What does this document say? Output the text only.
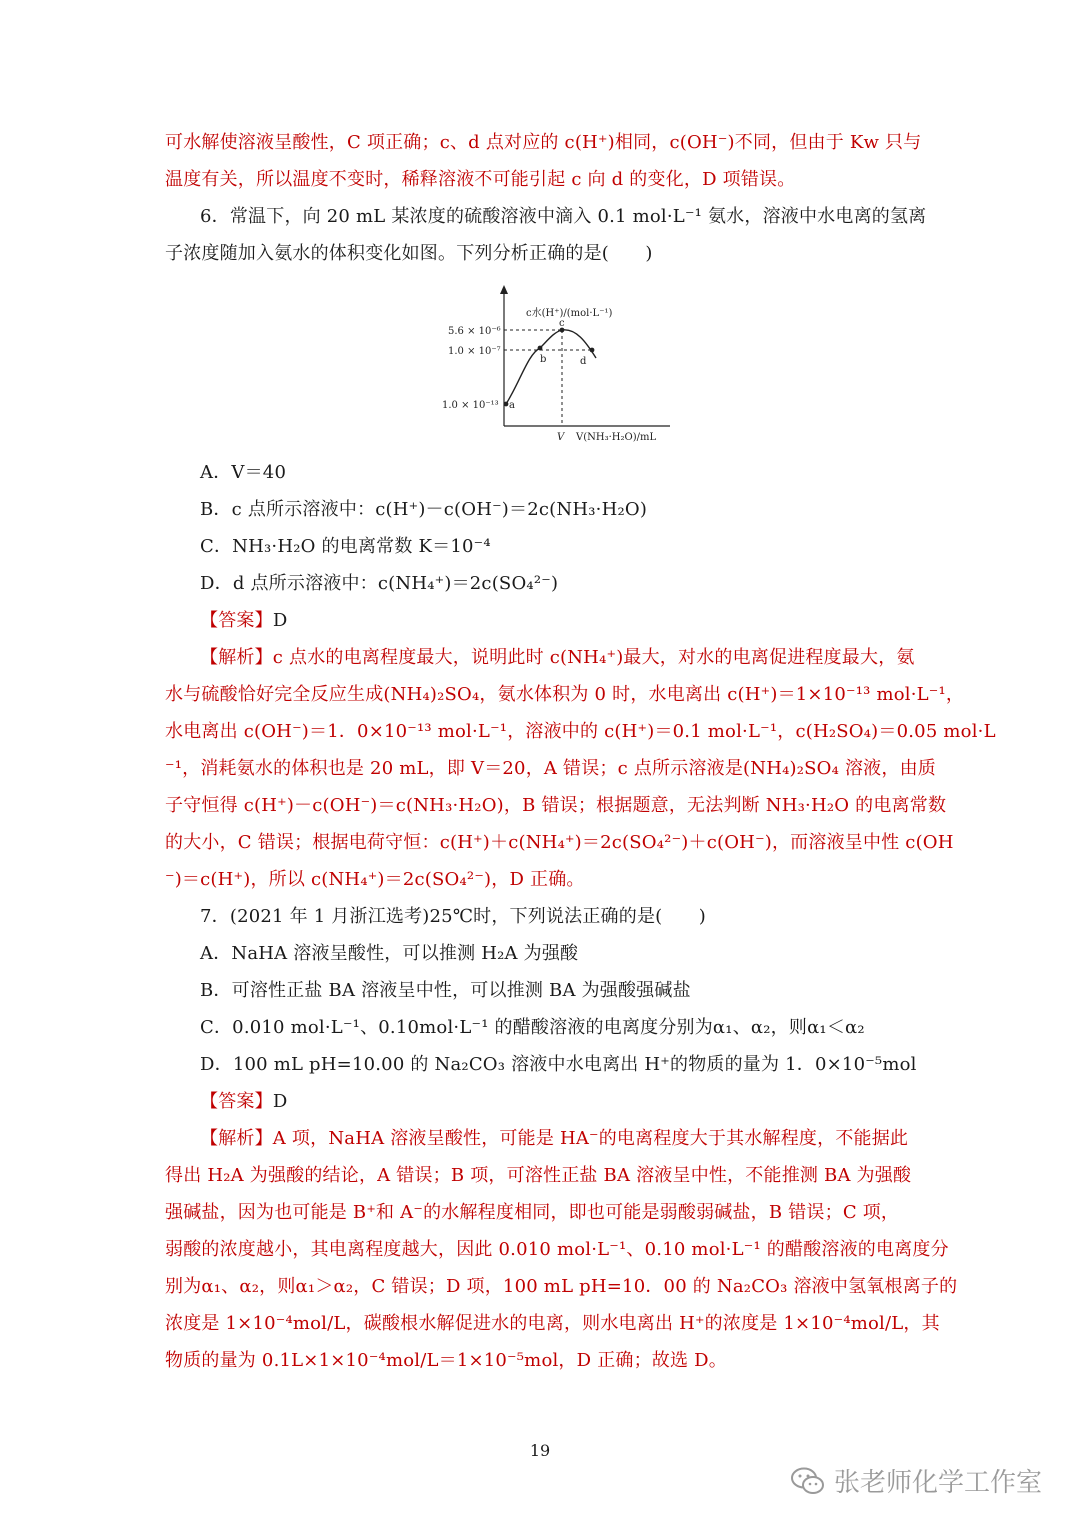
可水解使溶液呈酸性，C 项正确；c、d 点对应的 c(H⁺)相同，c(OH⁻)不同，但由于 Kw 只与
温度有关，所以温度不变时，稀释溶液不可能引起 c 向 d 的变化，D 项错误。
6．常温下，向 20 mL 某浓度的硫酸溶液中滴入 0.1 mol·L⁻¹ 氨水，溶液中水电离的氢离
子浓度随加入氨水的体积变化如图。下列分析正确的是(　　)
A．V＝40
B．c 点所示溶液中：c(H⁺)－c(OH⁻)＝2c(NH₃·H₂O)
C．NH₃·H₂O 的电离常数 K＝10⁻⁴
D．d 点所示溶液中：c(NH₄⁺)＝2c(SO₄²⁻)
【答案】D
【解析】c 点水的电离程度最大，说明此时 c(NH₄⁺)最大，对水的电离促进程度最大，氨
水与硫酸恰好完全反应生成(NH₄)₂SO₄，氨水体积为 0 时，水电离出 c(H⁺)＝1×10⁻¹³ mol·L⁻¹，
水电离出 c(OH⁻)＝1．0×10⁻¹³ mol·L⁻¹，溶液中的 c(H⁺)＝0.1 mol·L⁻¹，c(H₂SO₄)＝0.05 mol·L
⁻¹，消耗氨水的体积也是 20 mL，即 V＝20，A 错误；c 点所示溶液是(NH₄)₂SO₄ 溶液，由质
子守恒得 c(H⁺)－c(OH⁻)＝c(NH₃·H₂O)，B 错误；根据题意，无法判断 NH₃·H₂O 的电离常数
的大小，C 错误；根据电荷守恒：c(H⁺)＋c(NH₄⁺)＝2c(SO₄²⁻)＋c(OH⁻)，而溶液呈中性 c(OH
⁻)＝c(H⁺)，所以 c(NH₄⁺)＝2c(SO₄²⁻)，D 正确。
7．(2021 年 1 月浙江选考)25℃时，下列说法正确的是(　　)
A．NaHA 溶液呈酸性，可以推测 H₂A 为强酸
B．可溶性正盐 BA 溶液呈中性，可以推测 BA 为强酸强碱盐
C．0.010 mol·L⁻¹、0.10mol·L⁻¹ 的醋酸溶液的电离度分别为α₁、α₂，则α₁＜α₂
D．100 mL pH=10.00 的 Na₂CO₃ 溶液中水电离出 H⁺的物质的量为 1．0×10⁻⁵mol
【答案】D
【解析】A 项，NaHA 溶液呈酸性，可能是 HA⁻的电离程度大于其水解程度，不能据此
得出 H₂A 为强酸的结论，A 错误；B 项，可溶性正盐 BA 溶液呈中性，不能推测 BA 为强酸
强碱盐，因为也可能是 B⁺和 A⁻的水解程度相同，即也可能是弱酸弱碱盐，B 错误；C 项，
弱酸的浓度越小，其电离程度越大，因此 0.010 mol·L⁻¹、0.10 mol·L⁻¹ 的醋酸溶液的电离度分
别为α₁、α₂，则α₁＞α₂，C 错误；D 项，100 mL pH=10．00 的 Na₂CO₃ 溶液中氢氧根离子的
浓度是 1×10⁻⁴mol/L，碳酸根水解促进水的电离，则水电离出 H⁺的浓度是 1×10⁻⁴mol/L，其
物质的量为 0.1L×1×10⁻⁴mol/L＝1×10⁻⁵mol，D 正确；故选 D。
a
b
c
d
5.6 × 10⁻⁶
1.0 × 10⁻⁷
1.0 × 10⁻¹³
c水(H⁺)/(mol·L⁻¹)
V V(NH₃·H₂O)/mL
19
张老师化学工作室
